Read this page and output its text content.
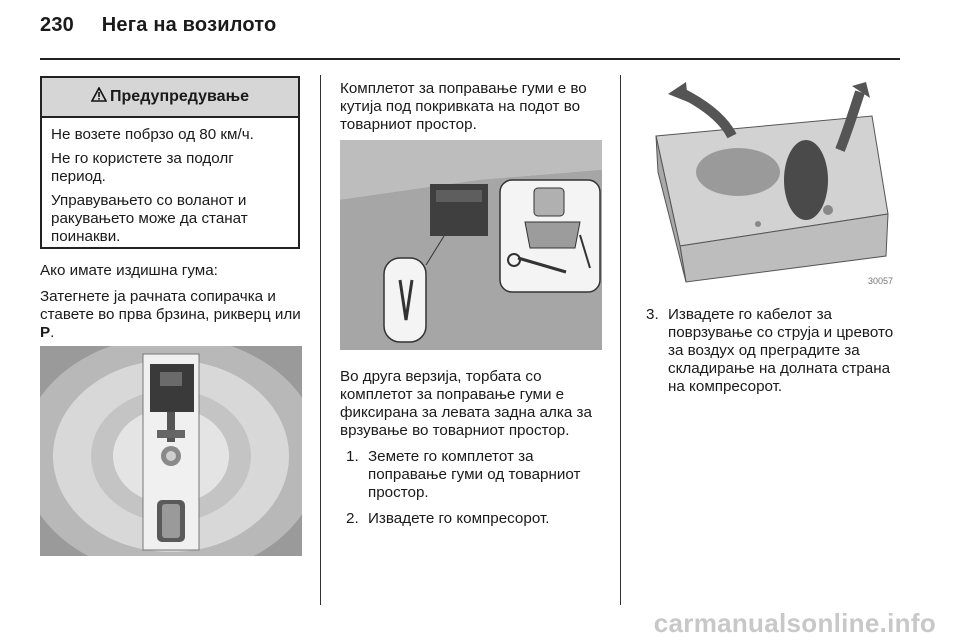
230 Нега на возилото
Предупредување

Не возете побрзо од 80 км/ч.

Не го користете за подолг период.

Управувањето со воланот и ракувањето може да станат поинакви.

Ако имате издишна гума:

Затегнете ја рачната сопирачка и ставете во прва брзина, рикверц или P.

Комплетот за поправање гуми е во кутија под покривката на подот во товарниот простор.

Во друга верзија, торбата со комплетот за поправање гуми е фиксирана за левата задна алка за врзување во товарниот простор.

1. Земете го комплетот за поправање гуми од товарниот простор.
2. Извадете го компресорот.
30057
3. Извадете го кабелот за поврзување со струја и цревото за воздух од преградите за складирање на долната страна на компресорот.
carmanualsonline.info
